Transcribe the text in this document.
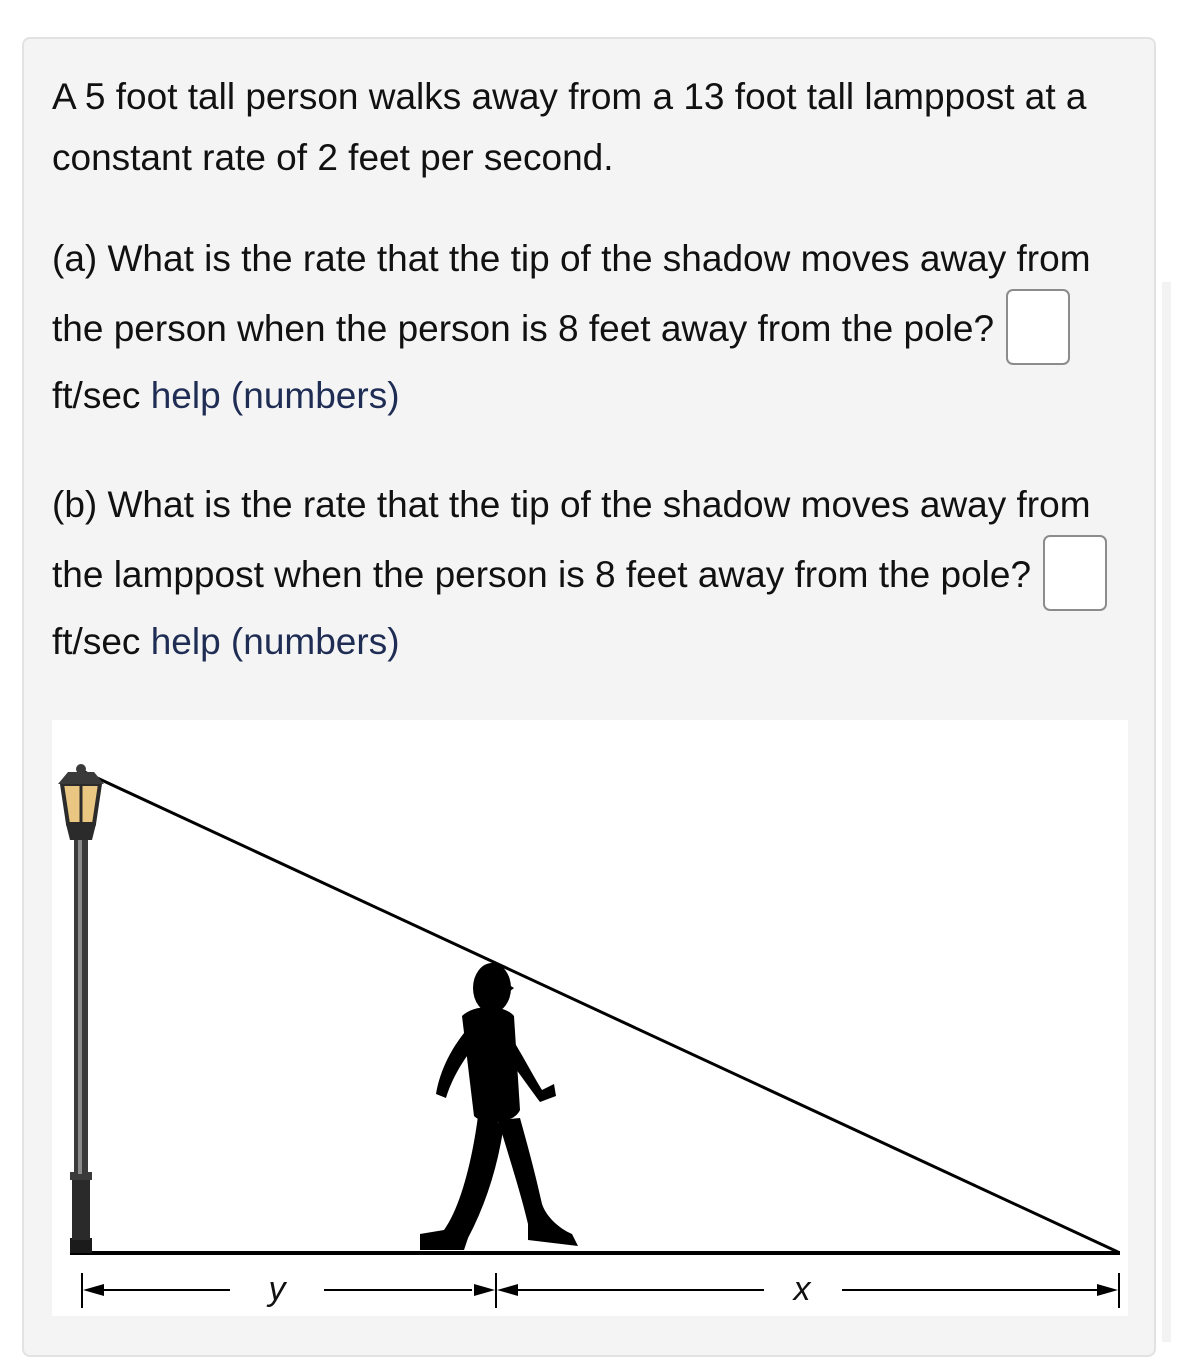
A 5 foot tall person walks away from a 13 foot tall lamppost at a constant rate of 2 feet per second.

(a) What is the rate that the tip of the shadow moves away from the person when the person is 8 feet away from the pole?ft/sec help (numbers)

(b) What is the rate that the tip of the shadow moves away from the lamppost when the person is 8 feet away from the pole?ft/sec help (numbers)

y	x
